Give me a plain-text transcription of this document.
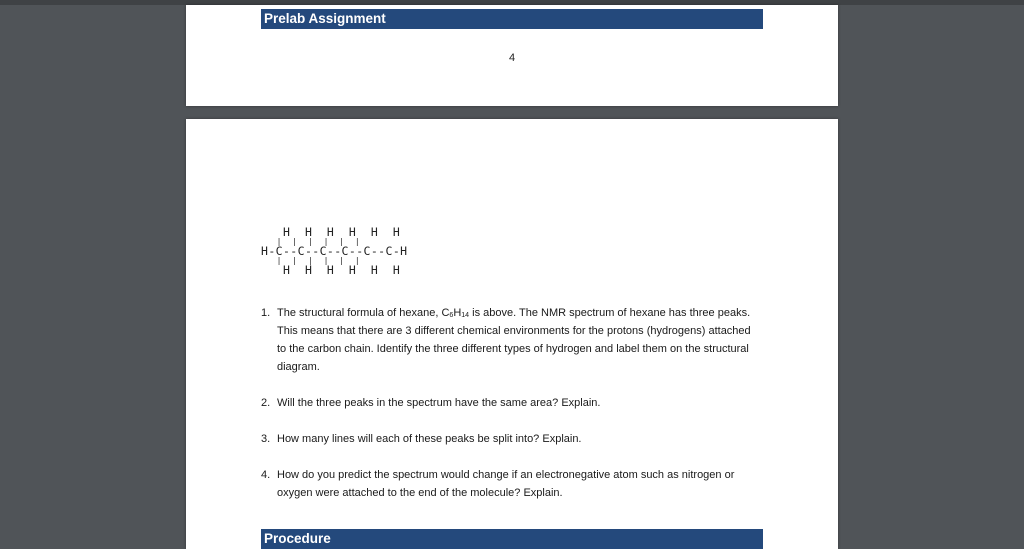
Prelab Assignment
4
H  H  H  H  H  H
|  |  |  |  |  |
H-C--C--C--C--C--C-H
|  |  |  |  |  |
H  H  H  H  H  H
1. The structural formula of hexane, $C_6H_{14}$ is above. The NMR spectrum of hexane has three peaks. This means that there are 3 different chemical environments for the protons (hydrogens) attached to the carbon chain. Identify the three different types of hydrogen and label them on the structural diagram.
2. Will the three peaks in the spectrum have the same area? Explain.
3. How many lines will each of these peaks be split into? Explain.
4. How do you predict the spectrum would change if an electronegative atom such as nitrogen or oxygen were attached to the end of the molecule? Explain.
Procedure
